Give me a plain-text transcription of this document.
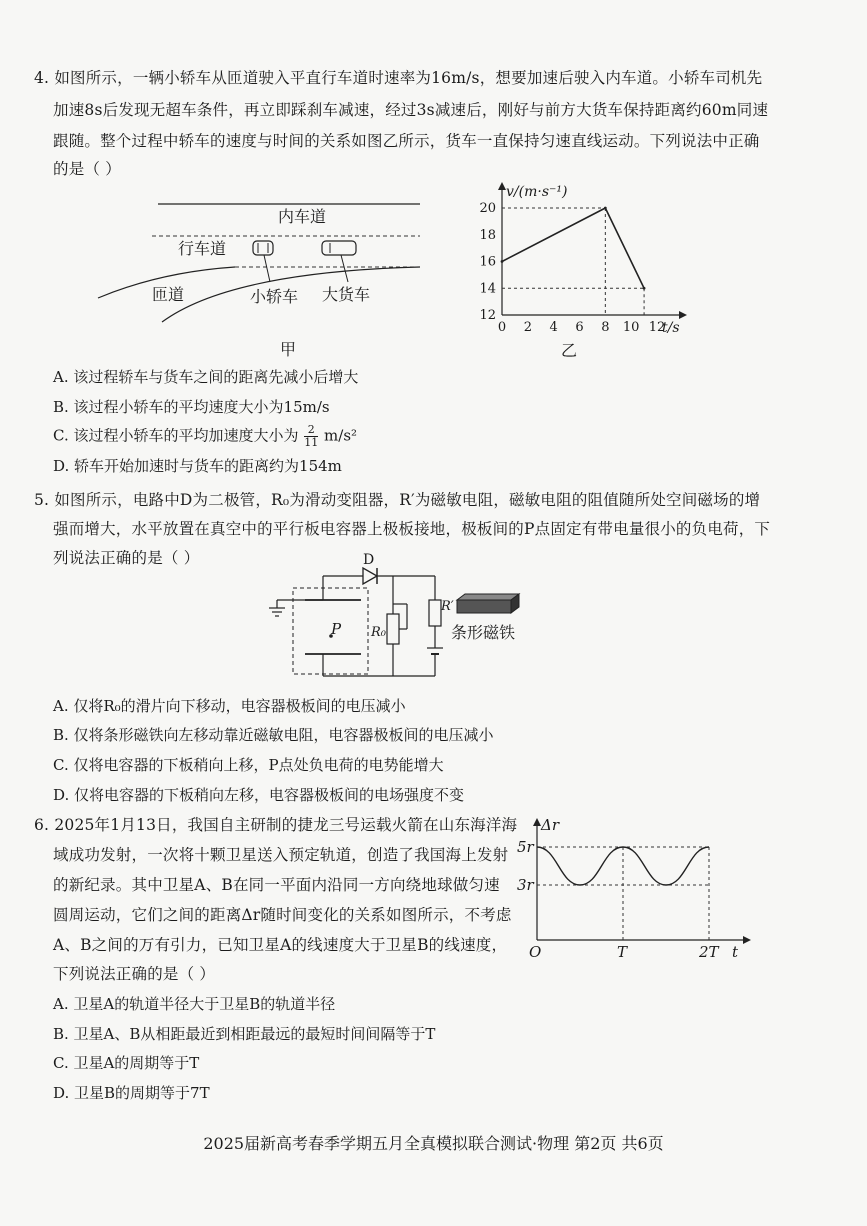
4. 如图所示，一辆小轿车从匝道驶入平直行车道时速率为16m/s，想要加速后驶入内车道。小轿车司机先
加速8s后发现无超车条件，再立即踩刹车减速，经过3s减速后，刚好与前方大货车保持距离约60m同速
跟随。整个过程中轿车的速度与时间的关系如图乙所示，货车一直保持匀速直线运动。下列说法中正确
的是（ ）
内车道
行车道
匝道	小轿车 大货车
甲
0 2 4 6 8 10 12
12
14
16
18
20
v/(m·s⁻¹)
t/s
乙
A. 该过程轿车与货车之间的距离先减小后增大
B. 该过程小轿车的平均速度大小为15m/s
C. 该过程小轿车的平均加速度大小为 $\frac{2}{11} m/s^2$
D. 轿车开始加速时与货车的距离约为154m
5. 如图所示，电路中D为二极管，R₀为滑动变阻器，R′为磁敏电阻，磁敏电阻的阻值随所处空间磁场的增
强而增大，水平放置在真空中的平行板电容器上极板接地，极板间的P点固定有带电量很小的负电荷，下
列说法正确的是（ ）
P
D
R₀
R′
条形磁铁
A. 仅将R₀的滑片向下移动，电容器极板间的电压减小
B. 仅将条形磁铁向左移动靠近磁敏电阻，电容器极板间的电压减小
C. 仅将电容器的下板稍向上移，P点处负电荷的电势能增大
D. 仅将电容器的下板稍向左移，电容器极板间的电场强度不变
6. 2025年1月13日，我国自主研制的捷龙三号运载火箭在山东海洋海
域成功发射，一次将十颗卫星送入预定轨道，创造了我国海上发射
的新纪录。其中卫星A、B在同一平面内沿同一方向绕地球做匀速
圆周运动，它们之间的距离Δr随时间变化的关系如图所示，不考虑
A、B之间的万有引力，已知卫星A的线速度大于卫星B的线速度，
下列说法正确的是（ ）
Δr
5r
3r
O	T	2T t
A. 卫星A的轨道半径大于卫星B的轨道半径
B. 卫星A、B从相距最近到相距最远的最短时间间隔等于T
C. 卫星A的周期等于T
D. 卫星B的周期等于7T
2025届新高考春季学期五月全真模拟联合测试·物理 第2页 共6页
